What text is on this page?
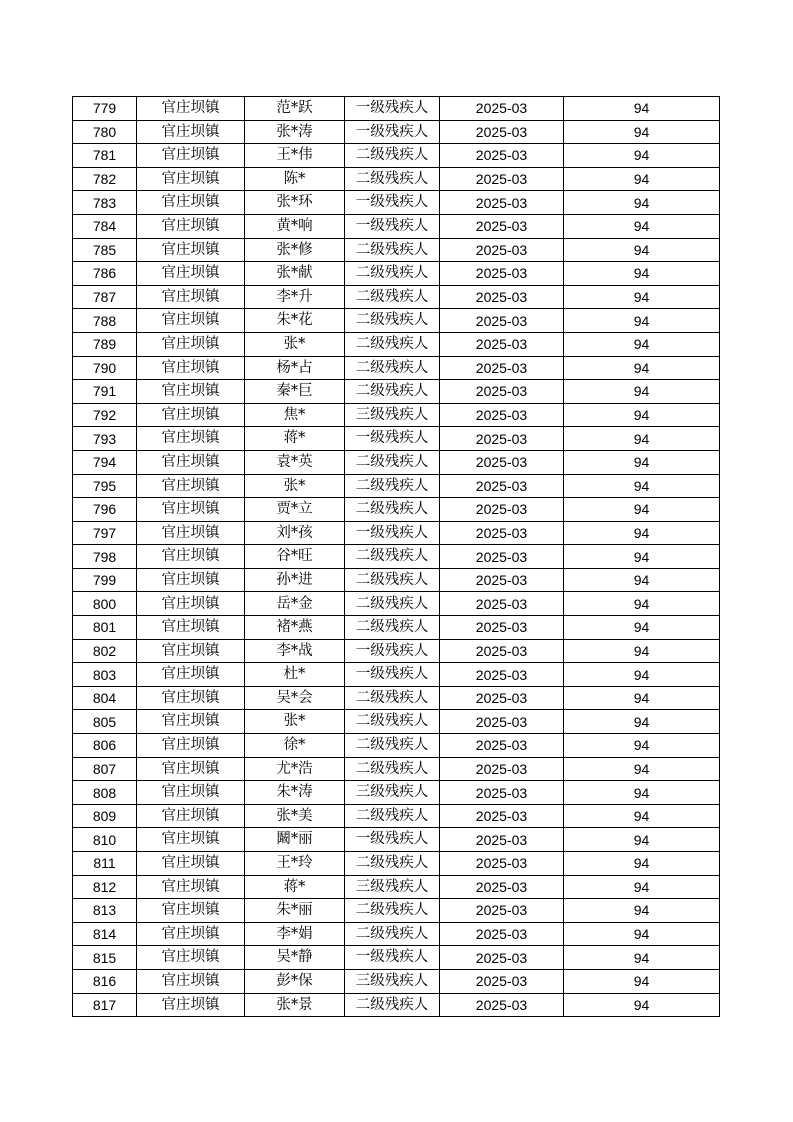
779	官庄坝镇	范*跃	一级残疾人	2025-03	94
780	官庄坝镇	张*涛	一级残疾人	2025-03	94
781	官庄坝镇	王*伟	二级残疾人	2025-03	94
782	官庄坝镇	陈*	二级残疾人	2025-03	94
783	官庄坝镇	张*环	一级残疾人	2025-03	94
784	官庄坝镇	黄*响	一级残疾人	2025-03	94
785	官庄坝镇	张*修	二级残疾人	2025-03	94
786	官庄坝镇	张*献	二级残疾人	2025-03	94
787	官庄坝镇	李*升	二级残疾人	2025-03	94
788	官庄坝镇	朱*花	二级残疾人	2025-03	94
789	官庄坝镇	张*	二级残疾人	2025-03	94
790	官庄坝镇	杨*占	二级残疾人	2025-03	94
791	官庄坝镇	秦*巨	二级残疾人	2025-03	94
792	官庄坝镇	焦*	三级残疾人	2025-03	94
793	官庄坝镇	蒋*	一级残疾人	2025-03	94
794	官庄坝镇	袁*英	二级残疾人	2025-03	94
795	官庄坝镇	张*	二级残疾人	2025-03	94
796	官庄坝镇	贾*立	二级残疾人	2025-03	94
797	官庄坝镇	刘*孩	一级残疾人	2025-03	94
798	官庄坝镇	谷*旺	二级残疾人	2025-03	94
799	官庄坝镇	孙*进	二级残疾人	2025-03	94
800	官庄坝镇	岳*金	二级残疾人	2025-03	94
801	官庄坝镇	褚*燕	二级残疾人	2025-03	94
802	官庄坝镇	李*战	一级残疾人	2025-03	94
803	官庄坝镇	杜*	一级残疾人	2025-03	94
804	官庄坝镇	吴*会	二级残疾人	2025-03	94
805	官庄坝镇	张*	二级残疾人	2025-03	94
806	官庄坝镇	徐*	二级残疾人	2025-03	94
807	官庄坝镇	尤*浩	二级残疾人	2025-03	94
808	官庄坝镇	朱*涛	三级残疾人	2025-03	94
809	官庄坝镇	张*美	二级残疾人	2025-03	94
810	官庄坝镇	鬫*丽	一级残疾人	2025-03	94
811	官庄坝镇	王*玲	二级残疾人	2025-03	94
812	官庄坝镇	蒋*	三级残疾人	2025-03	94
813	官庄坝镇	朱*丽	二级残疾人	2025-03	94
814	官庄坝镇	李*娟	二级残疾人	2025-03	94
815	官庄坝镇	吴*静	一级残疾人	2025-03	94
816	官庄坝镇	彭*保	三级残疾人	2025-03	94
817	官庄坝镇	张*景	二级残疾人	2025-03	94
